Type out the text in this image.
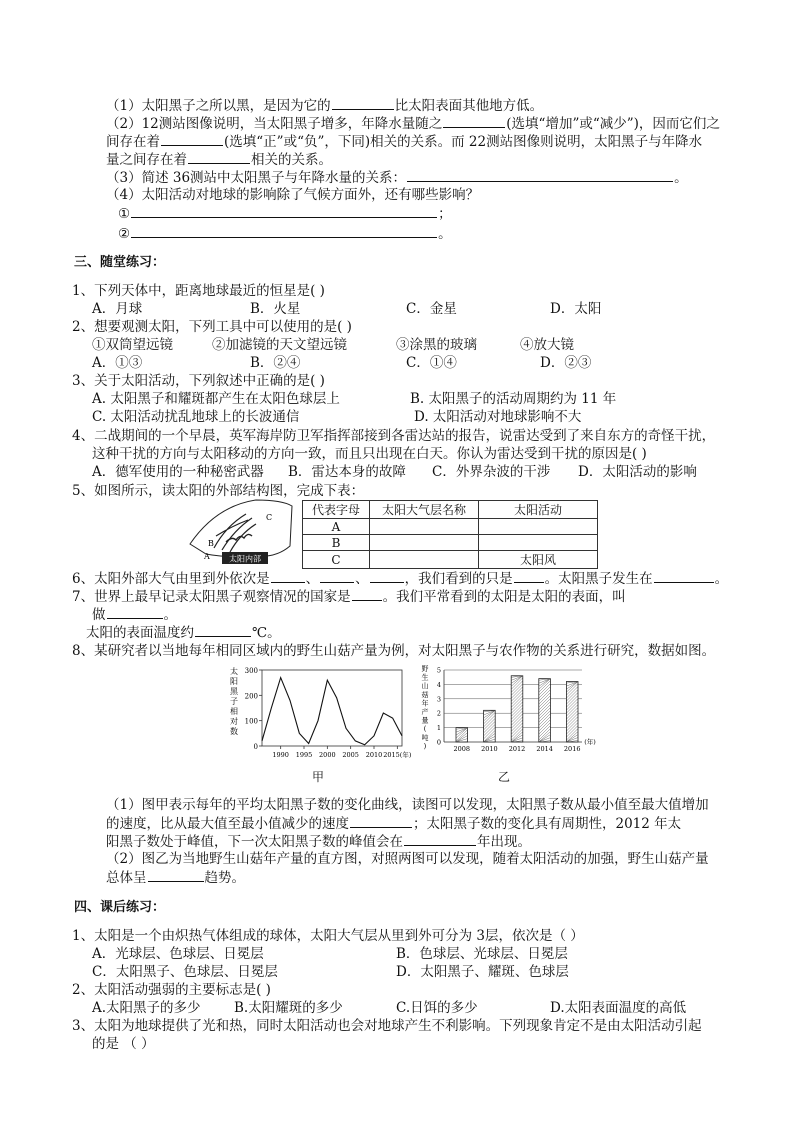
（1）太阳黑子之所以黑，是因为它的	比太阳表面其他地方低。
（2）12测站图像说明，当太阳黑子增多，年降水量随之	(选填“增加”或“减少”)，因而它们之
间存在着	(选填“正”或“负”，下同)相关的关系。而 22测站图像则说明，太阳黑子与年降水
量之间存在着	相关的关系。
（3）简述 36测站中太阳黑子与年降水量的关系：	。
（4）太阳活动对地球的影响除了气候方面外，还有哪些影响？
①	；
②	。
三、随堂练习：
1、下列天体中，距离地球最近的恒星是( )
A．月球	B．火星	C．金星	D．太阳
2、想要观测太阳，下列工具中可以使用的是( )
①双筒望远镜	②加滤镜的天文望远镜	③涂黑的玻璃	④放大镜
A．①③	B．②④	C．①④	D．②③
3、关于太阳活动，下列叙述中正确的是( )
A. 太阳黑子和耀斑都产生在太阳色球层上	B. 太阳黑子的活动周期约为 11 年
C. 太阳活动扰乱地球上的长波通信	D. 太阳活动对地球影响不大
4、二战期间的一个早晨，英军海岸防卫军指挥部接到各雷达站的报告，说雷达受到了来自东方的奇怪干扰，
这种干扰的方向与太阳移动的方向一致，而且只出现在白天。你认为雷达受到干扰的原因是( )
A．德军使用的一种秘密武器 B．雷达本身的故障 C．外界杂波的干涉 D．太阳活动的影响
5、如图所示，读太阳的外部结构图，完成下表：
太阳内部
A
B
C
代表字母	太阳大气层名称	太阳活动
A		
B		
C		太阳风
6、太阳外部大气由里到外依次是	、	、	，我们看到的只是 。太阳黑子发生在	。
7、世界上最早记录太阳黑子观察情况的国家是 。我们平常看到的太阳是太阳的表面，叫
做	。
太阳的表面温度约	℃。
8、某研究者以当地每年相同区域内的野生山菇产量为例，对太阳黑子与农作物的关系进行研究，数据如图。
0
100
200
300
1990 1995 2000 2005 2010 2015(年)
太
阳
黑
子
相
对
数
甲
0
1
2
3
4
5
野
生
山
菇
年
产
量
(
吨
)	2008 2010 2012 2014 2016
(年)
乙
（1）图甲表示每年的平均太阳黑子数的变化曲线，读图可以发现，太阳黑子数从最小值至最大值增加
的速度，比从最大值至最小值减少的速度	；太阳黑子数的变化具有周期性，2012 年太
阳黑子数处于峰值，下一次太阳黑子数的峰值会在	年出现。
（2）图乙为当地野生山菇年产量的直方图，对照两图可以发现，随着太阳活动的加强，野生山菇产量
总体呈	趋势。
四、课后练习：
1、太阳是一个由炽热气体组成的球体，太阳大气层从里到外可分为 3层，依次是（ ）
A．光球层、色球层、日冕层	B．色球层、光球层、日冕层
C．太阳黑子、色球层、日冕层	D．太阳黑子、耀斑、色球层
2、太阳活动强弱的主要标志是( )
A.太阳黑子的多少 B.太阳耀斑的多少	C.日饵的多少	D.太阳表面温度的高低
3、太阳为地球提供了光和热，同时太阳活动也会对地球产生不利影响。下列现象肯定不是由太阳活动引起
的是 （ ）
